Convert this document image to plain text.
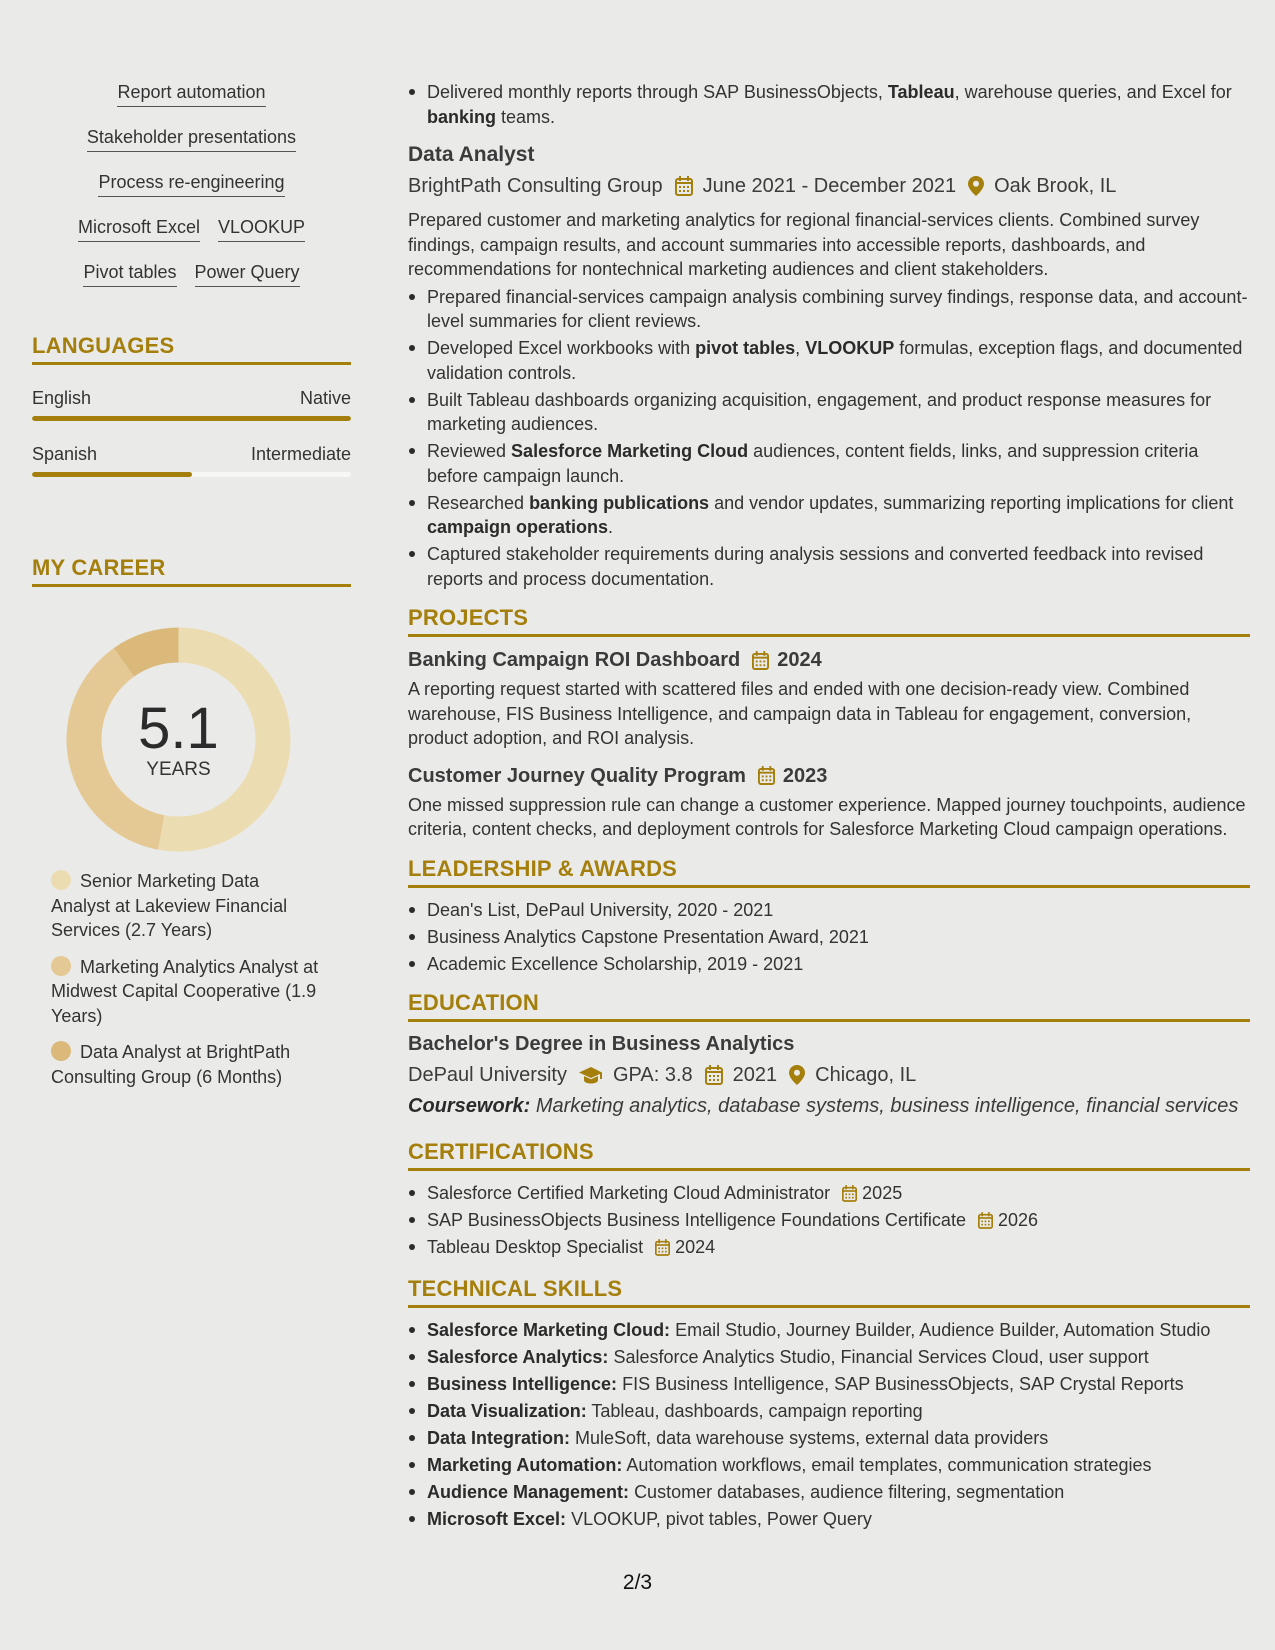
Report automation
Stakeholder presentations
Process re-engineering
Microsoft Excel VLOOKUP
Pivot tables Power Query
LANGUAGES
English	Native
Spanish	Intermediate
MY CAREER
5.1
YEARS
Senior Marketing Data Analyst at Lakeview Financial Services (2.7 Years)
Marketing Analytics Analyst at Midwest Capital Cooperative (1.9 Years)
Data Analyst at BrightPath Consulting Group (6 Months)
Delivered monthly reports through SAP BusinessObjects, Tableau, warehouse queries, and Excel for banking teams.
Data Analyst
BrightPath Consulting Group June 2021 - December 2021 Oak Brook, IL
Prepared customer and marketing analytics for regional financial-services clients. Combined survey findings, campaign results, and account summaries into accessible reports, dashboards, and recommendations for nontechnical marketing audiences and client stakeholders.
Prepared financial-services campaign analysis combining survey findings, response data, and account-level summaries for client reviews.
Developed Excel workbooks with pivot tables, VLOOKUP formulas, exception flags, and documented validation controls.
Built Tableau dashboards organizing acquisition, engagement, and product response measures for marketing audiences.
Reviewed Salesforce Marketing Cloud audiences, content fields, links, and suppression criteria before campaign launch.
Researched banking publications and vendor updates, summarizing reporting implications for client campaign operations.
Captured stakeholder requirements during analysis sessions and converted feedback into revised reports and process documentation.
PROJECTS
Banking Campaign ROI Dashboard 2024
A reporting request started with scattered files and ended with one decision-ready view. Combined warehouse, FIS Business Intelligence, and campaign data in Tableau for engagement, conversion, product adoption, and ROI analysis.
Customer Journey Quality Program 2023
One missed suppression rule can change a customer experience. Mapped journey touchpoints, audience criteria, content checks, and deployment controls for Salesforce Marketing Cloud campaign operations.
LEADERSHIP & AWARDS
Dean's List, DePaul University, 2020 - 2021
Business Analytics Capstone Presentation Award, 2021
Academic Excellence Scholarship, 2019 - 2021
EDUCATION
Bachelor's Degree in Business Analytics
DePaul University GPA: 3.8 2021 Chicago, IL
Coursework: Marketing analytics, database systems, business intelligence, financial services
CERTIFICATIONS
Salesforce Certified Marketing Cloud Administrator 2025
SAP BusinessObjects Business Intelligence Foundations Certificate 2026
Tableau Desktop Specialist 2024
TECHNICAL SKILLS
Salesforce Marketing Cloud: Email Studio, Journey Builder, Audience Builder, Automation Studio
Salesforce Analytics: Salesforce Analytics Studio, Financial Services Cloud, user support
Business Intelligence: FIS Business Intelligence, SAP BusinessObjects, SAP Crystal Reports
Data Visualization: Tableau, dashboards, campaign reporting
Data Integration: MuleSoft, data warehouse systems, external data providers
Marketing Automation: Automation workflows, email templates, communication strategies
Audience Management: Customer databases, audience filtering, segmentation
Microsoft Excel: VLOOKUP, pivot tables, Power Query
2/3
